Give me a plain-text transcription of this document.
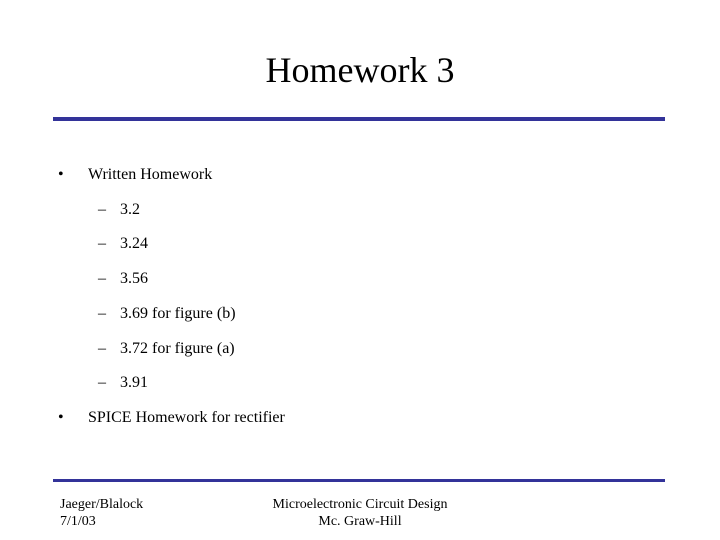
Homework 3
• Written Homework
– 3.2
– 3.24
– 3.56
– 3.69 for figure (b)
– 3.72 for figure (a)
– 3.91
• SPICE Homework for rectifier
Jaeger/Blalock
7/1/03
Microelectronic Circuit Design
Mc. Graw-Hill
